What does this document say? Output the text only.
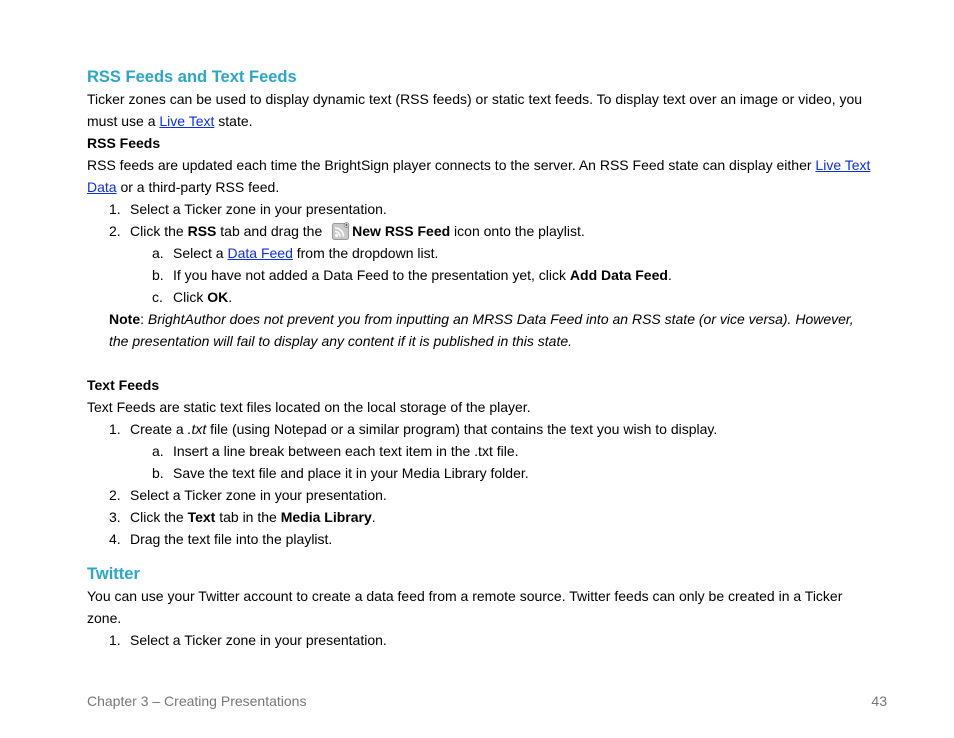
RSS Feeds and Text Feeds

Ticker zones can be used to display dynamic text (RSS feeds) or static text feeds. To display text over an image or video, you must use a Live Text state.

RSS Feeds

RSS feeds are updated each time the BrightSign player connects to the server. An RSS Feed state can display either Live Text Data or a third-party RSS feed.

1. Select a Ticker zone in your presentation.
2. Click the RSS tab and drag the New RSS Feed icon onto the playlist.
a. Select a Data Feed from the dropdown list.
b. If you have not added a Data Feed to the presentation yet, click Add Data Feed.
c. Click OK.
Note: BrightAuthor does not prevent you from inputting an MRSS Data Feed into an RSS state (or vice versa). However, the presentation will fail to display any content if it is published in this state.
Text Feeds

Text Feeds are static text files located on the local storage of the player.

1. Create a .txt file (using Notepad or a similar program) that contains the text you wish to display.
a. Insert a line break between each text item in the .txt file.
b. Save the text file and place it in your Media Library folder.
2. Select a Ticker zone in your presentation.
3. Click the Text tab in the Media Library.
4. Drag the text file into the playlist.
Twitter

You can use your Twitter account to create a data feed from a remote source. Twitter feeds can only be created in a Ticker zone.

1. Select a Ticker zone in your presentation.
Chapter 3 – Creating Presentations	43
